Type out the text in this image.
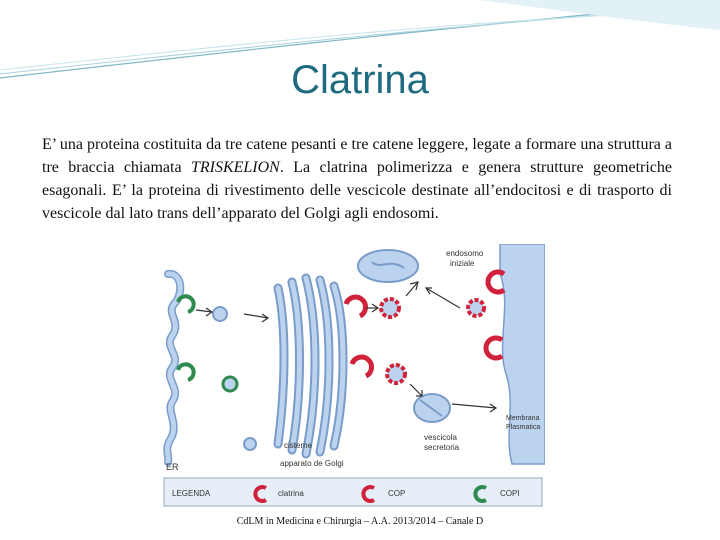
Clatrina

E’ una proteina costituita da tre catene pesanti e tre catene leggere, legate a formare una struttura a tre braccia chiamata TRISKELION. La clatrina polimerizza e genera strutture geometriche esagonali. E’ la proteina di rivestimento delle vescicole destinate all’endocitosi e di trasporto di vescicole dal lato trans dell’apparato del Golgi agli endosomi.

endosomo
iniziale
Membrana
Plasmatica
vescicola
secretoria
cisterne
apparato de Golgi
ER
LEGENDA	clatrina	COP	COPI
CdLM in Medicina e Chirurgia – A.A. 2013/2014 – Canale D
